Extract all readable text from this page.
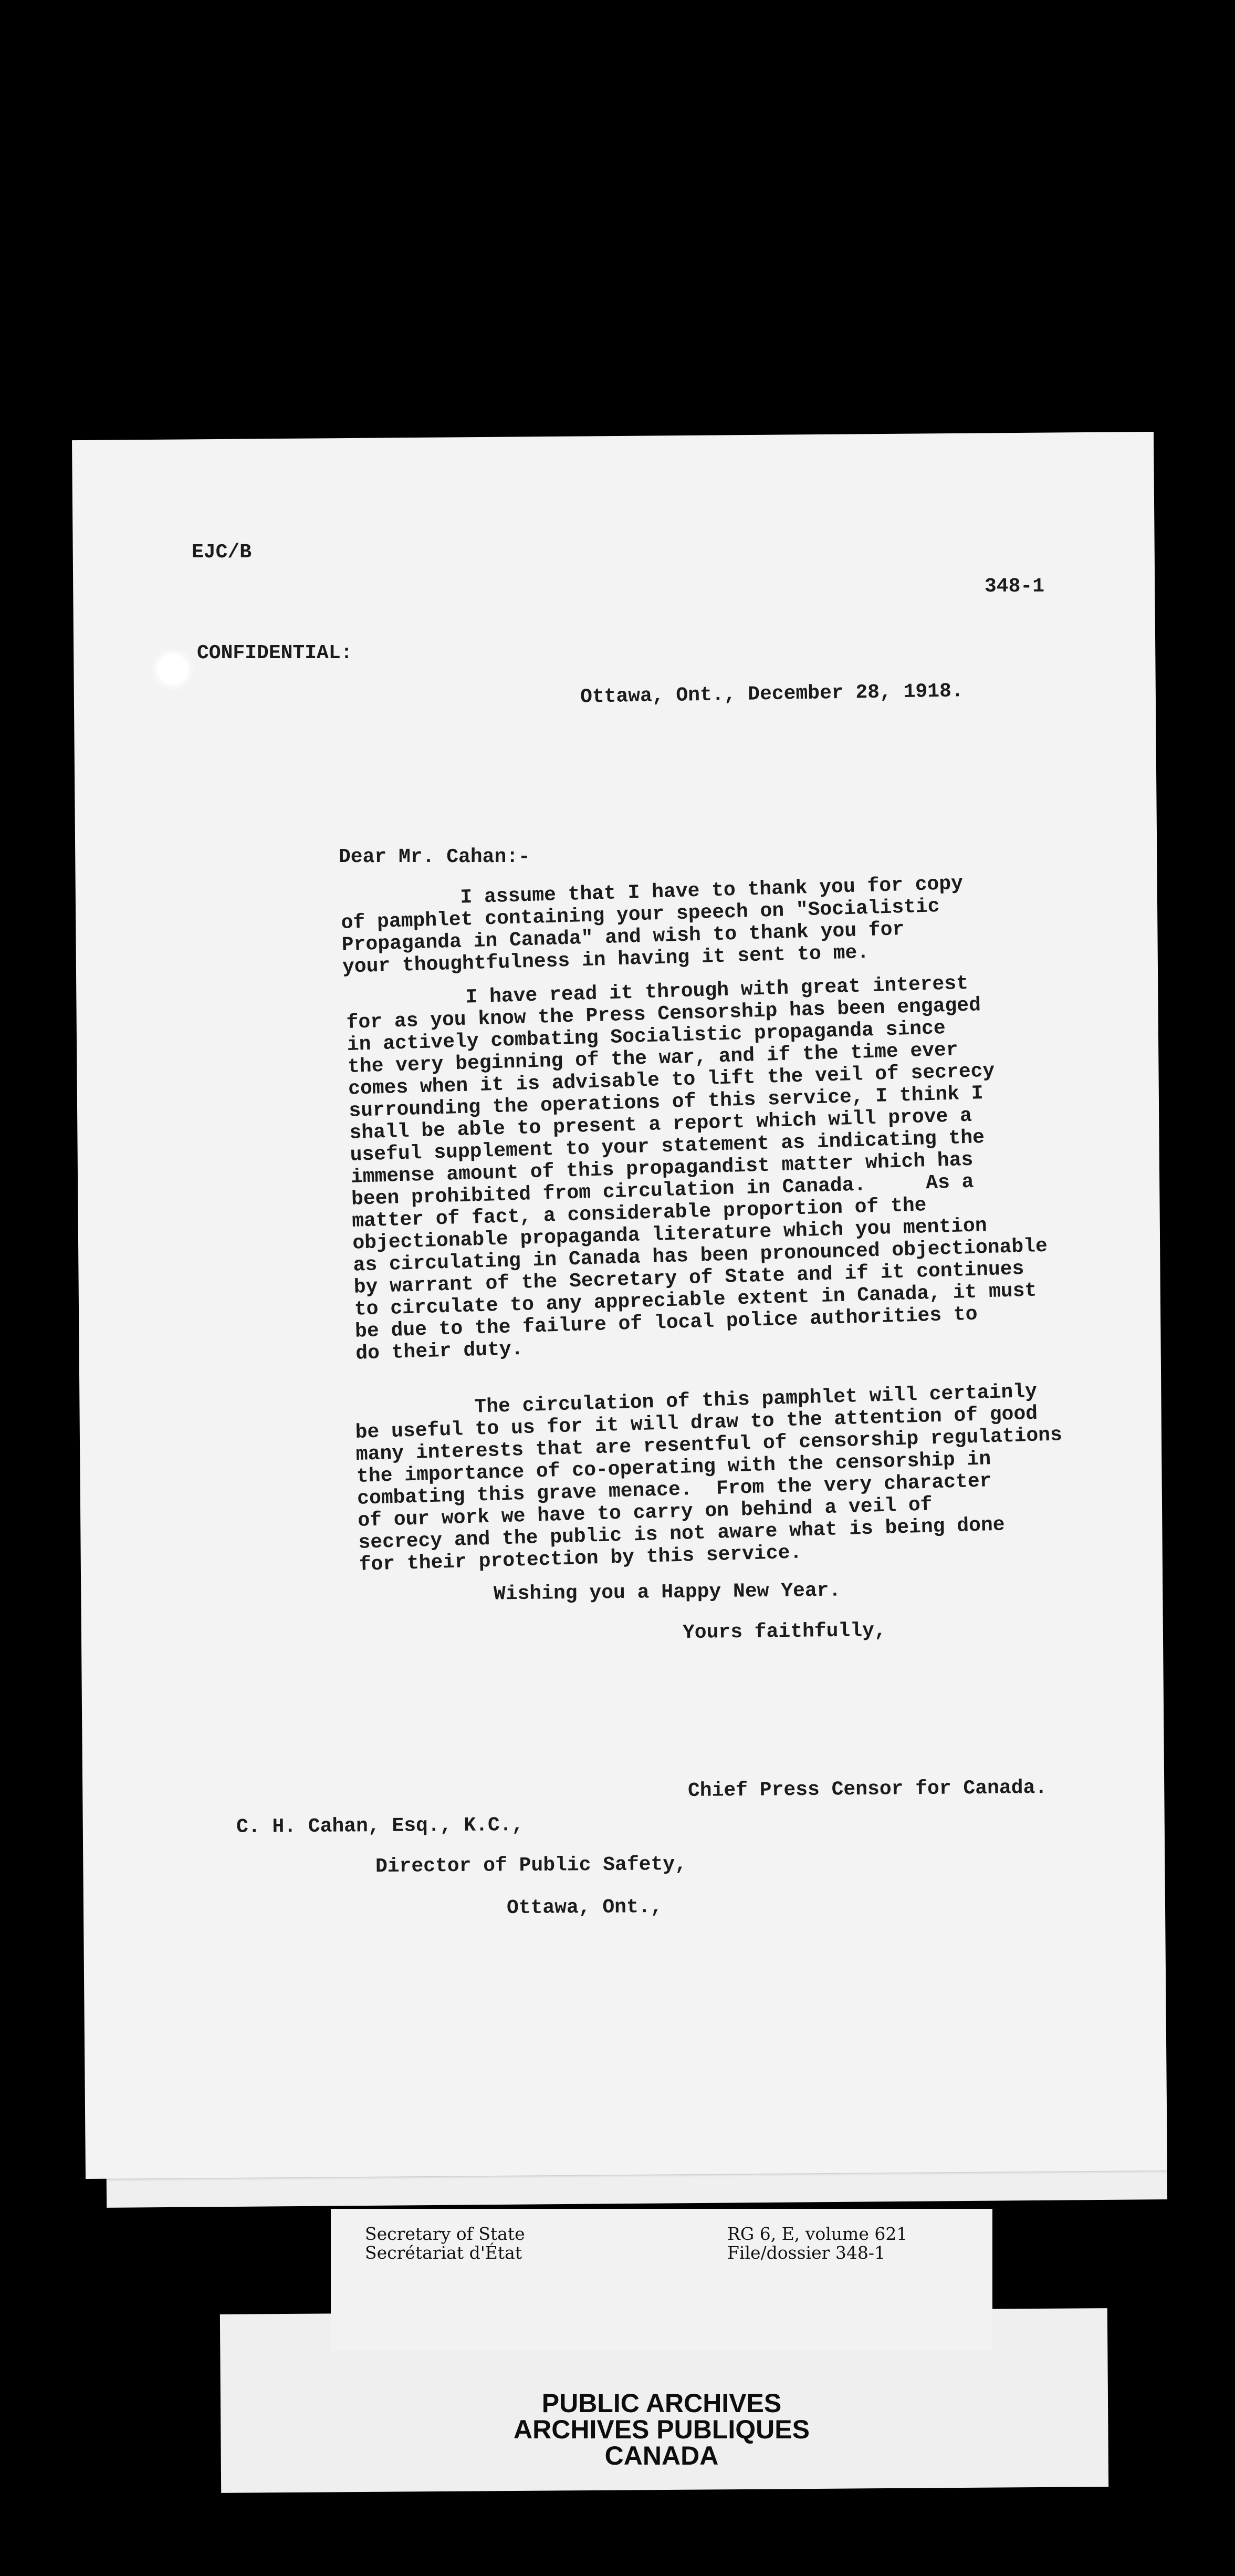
EJC/B

348-1

CONFIDENTIAL:

Ottawa, Ont., December 28, 1918.

Dear Mr. Cahan:-

I assume that I have to thank you for copy
of pamphlet containing your speech on "Socialistic
Propaganda in Canada" and wish to thank you for
your thoughtfulness in having it sent to me.

I have read it through with great interest
for as you know the Press Censorship has been engaged
in actively combating Socialistic propaganda since
the very beginning of the war, and if the time ever
comes when it is advisable to lift the veil of secrecy
surrounding the operations of this service, I think I
shall be able to present a report which will prove a
useful supplement to your statement as indicating the
immense amount of this propagandist matter which has
been prohibited from circulation in Canada.     As a
matter of fact, a considerable proportion of the
objectionable propaganda literature which you mention
as circulating in Canada has been pronounced objectionable
by warrant of the Secretary of State and if it continues
to circulate to any appreciable extent in Canada, it must
be due to the failure of local police authorities to
do their duty.

The circulation of this pamphlet will certainly
be useful to us for it will draw to the attention of good
many interests that are resentful of censorship regulations
the importance of co-operating with the censorship in
combating this grave menace.  From the very character
of our work we have to carry on behind a veil of
secrecy and the public is not aware what is being done
for their protection by this service.

Wishing you a Happy New Year.

Yours faithfully,

Chief Press Censor for Canada.

C. H. Cahan, Esq., K.C.,

Director of Public Safety,

Ottawa, Ont.,

Secretary of State
Secrétariat d'État
RG 6, E, volume 621
File/dossier 348-1
PUBLIC ARCHIVES
ARCHIVES PUBLIQUES
CANADA
